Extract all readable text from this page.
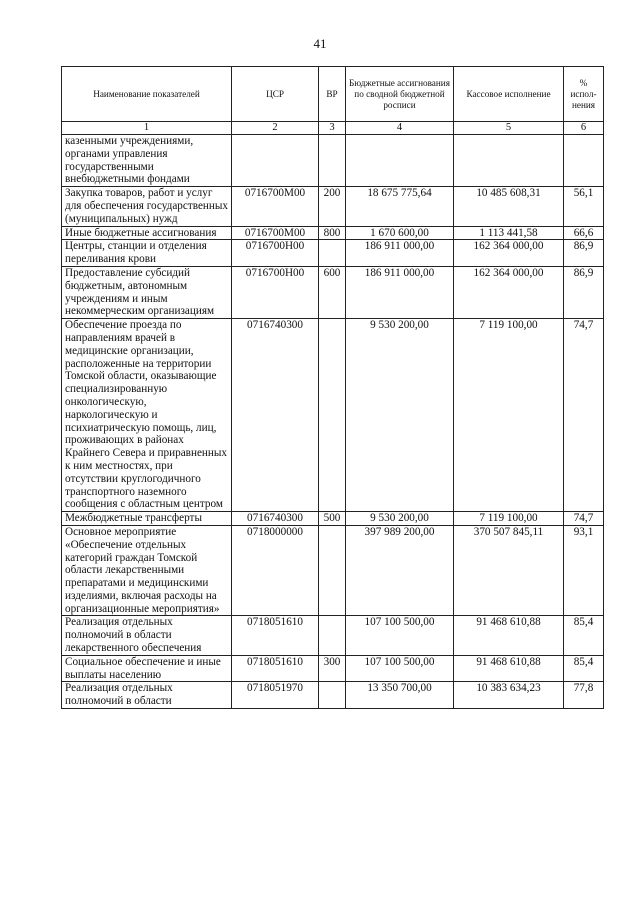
41
Наименование показателей	ЦСР	ВР	Бюджетные ассигнования по сводной бюджетной росписи	Кассовое исполнение	% испол-нения
1	2	3	4	5	6
казенными учреждениями, органами управления государственными внебюджетными фондами					
Закупка товаров, работ и услуг для обеспечения государственных (муниципальных) нужд	0716700М00	200	18 675 775,64	10 485 608,31	56,1
Иные бюджетные ассигнования	0716700М00	800	1 670 600,00	1 113 441,58	66,6
Центры, станции и отделения переливания крови	0716700Н00		186 911 000,00	162 364 000,00	86,9
Предоставление субсидий бюджетным, автономным учреждениям и иным некоммерческим организациям	0716700Н00	600	186 911 000,00	162 364 000,00	86,9
Обеспечение проезда по направлениям врачей в медицинские организации, расположенные на территории Томской области, оказывающие специализированную онкологическую, наркологическую и психиатрическую помощь, лиц, проживающих в районах Крайнего Севера и приравненных к ним местностях, при отсутствии круглогодичного транспортного наземного сообщения с областным центром	0716740300		9 530 200,00	7 119 100,00	74,7
Межбюджетные трансферты	0716740300	500	9 530 200,00	7 119 100,00	74,7
Основное мероприятие «Обеспечение отдельных категорий граждан Томской области лекарственными препаратами и медицинскими изделиями, включая расходы на организационные мероприятия»	0718000000		397 989 200,00	370 507 845,11	93,1
Реализация отдельных полномочий в области лекарственного обеспечения	0718051610		107 100 500,00	91 468 610,88	85,4
Социальное обеспечение и иные выплаты населению	0718051610	300	107 100 500,00	91 468 610,88	85,4
Реализация отдельных полномочий в области	0718051970		13 350 700,00	10 383 634,23	77,8
